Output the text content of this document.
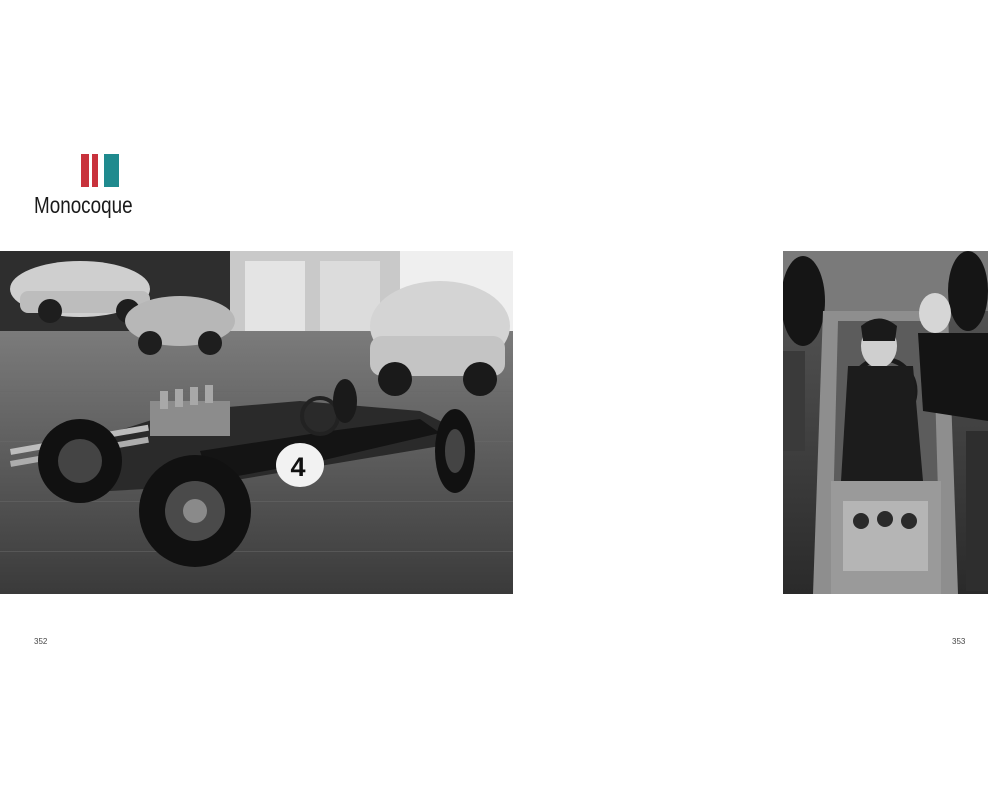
Monocoque
4

352	353
